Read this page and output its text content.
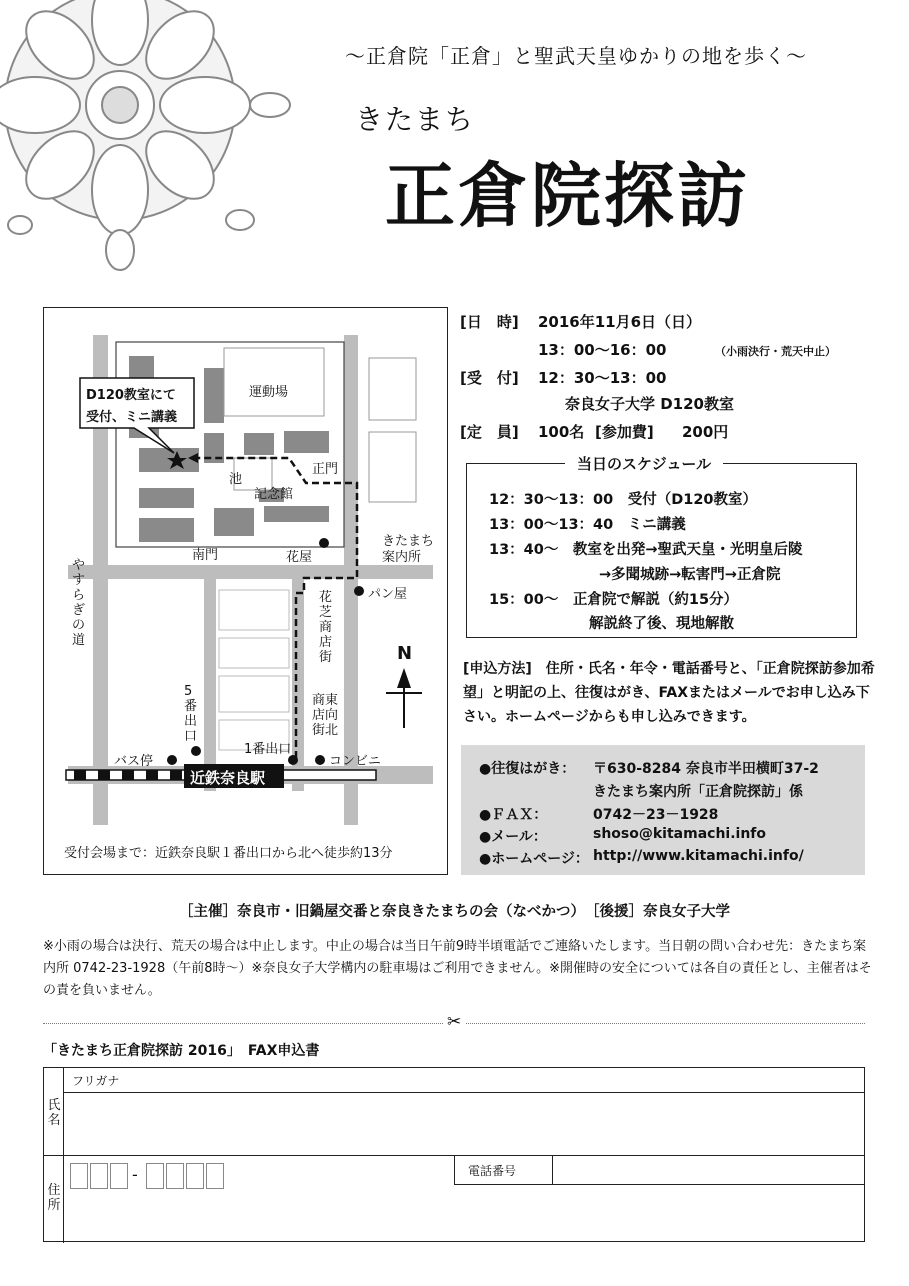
～正倉院「正倉」と聖武天皇ゆかりの地を歩く～
きたまち
正倉院探訪
D120教室にて
受付、ミニ講義
運動場
池
記念館
正門
南門	花屋
きたまち
案内所
パン屋
やすらぎの道
花芝商店街
商東店向街北
5番出口
1番出口
バス停	コンビニ
近鉄奈良駅
N
受付会場まで：近鉄奈良駅１番出口から北へ徒歩約13分
[日　時] 2016年11月6日（日）
13：00～16：00	（小雨決行・荒天中止）
[受　付] 12：30～13：00
奈良女子大学 D120教室
[定　員] 100名 [参加費] 200円
12：30～13：00　受付（D120教室）
13：00～13：40　ミニ講義
13：40～　教室を出発→聖武天皇・光明皇后陵
→多聞城跡→転害門→正倉院
15：00～　正倉院で解説（約15分）
解説終了後、現地解散
当日のスケジュール
[申込方法]　住所・氏名・年令・電話番号と、「正倉院探訪参加希望」と明記の上、往復はがき、FAXまたはメールでお申し込み下さい。ホームページからも申し込みできます。
●往復はがき： 〒630-8284 奈良市半田横町37-2
きたまち案内所「正倉院探訪」係
●ＦＡＸ：	0742－23－1928
●メール：	shoso@kitamachi.info
●ホームページ： http://www.kitamachi.info/
［主催］奈良市・旧鍋屋交番と奈良きたまちの会（なべかつ）　［後援］奈良女子大学
※小雨の場合は決行、荒天の場合は中止します。中止の場合は当日午前9時半頃電話でご連絡いたします。当日朝の問い合わせ先：きたまち案内所 0742-23-1928（午前8時～）※奈良女子大学構内の駐車場はご利用できません。※開催時の安全については各自の責任とし、主催者はその責を負いません。
✂
「きたまち正倉院探訪 2016」　FAX申込書
フリガナ
氏名
住所
-	電話番号
